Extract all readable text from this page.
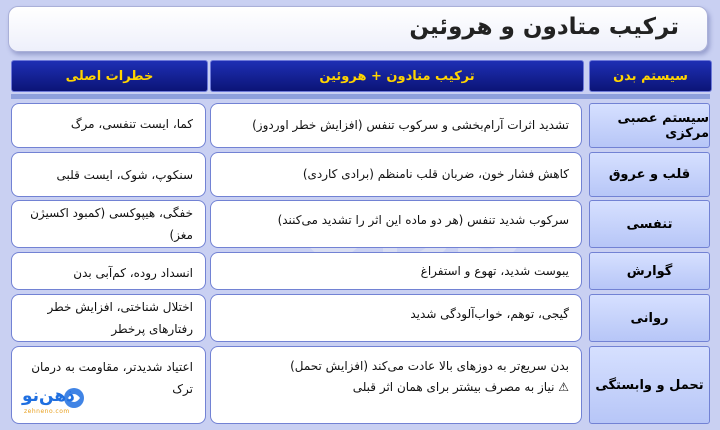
ترکیب متادون و هروئین
سیستم بدن
ترکیب متادون + هروئین
خطرات اصلی
سیستم عصبی مرکزی
تشدید اثرات آرام‌بخشی و سرکوب تنفس (افزایش خطر اوردوز)
کما، ایست تنفسی، مرگ
قلب و عروق
کاهش فشار خون، ضربان قلب نامنظم (برادی کاردی)
سنکوپ، شوک، ایست قلبی
تنفسی
سرکوب شدید تنفس (هر دو ماده این اثر را تشدید می‌کنند)
خفگی، هیپوکسی (کمبود اکسیژن
مغز)
گوارش
یبوست شدید، تهوع و استفراغ
انسداد روده، کم‌آبی بدن
روانی
گیجی، توهم، خواب‌آلودگی شدید
اختلال شناختی، افزایش خطر
رفتارهای پرخطر
تحمل و وابستگی
بدن سریع‌تر به دوزهای بالا عادت می‌کند (افزایش تحمل)
⚠ نیاز به مصرف بیشتر برای همان اثر قبلی
اعتیاد شدیدتر، مقاومت به درمان
ترک
ذهن‌نو
zehneno.com
